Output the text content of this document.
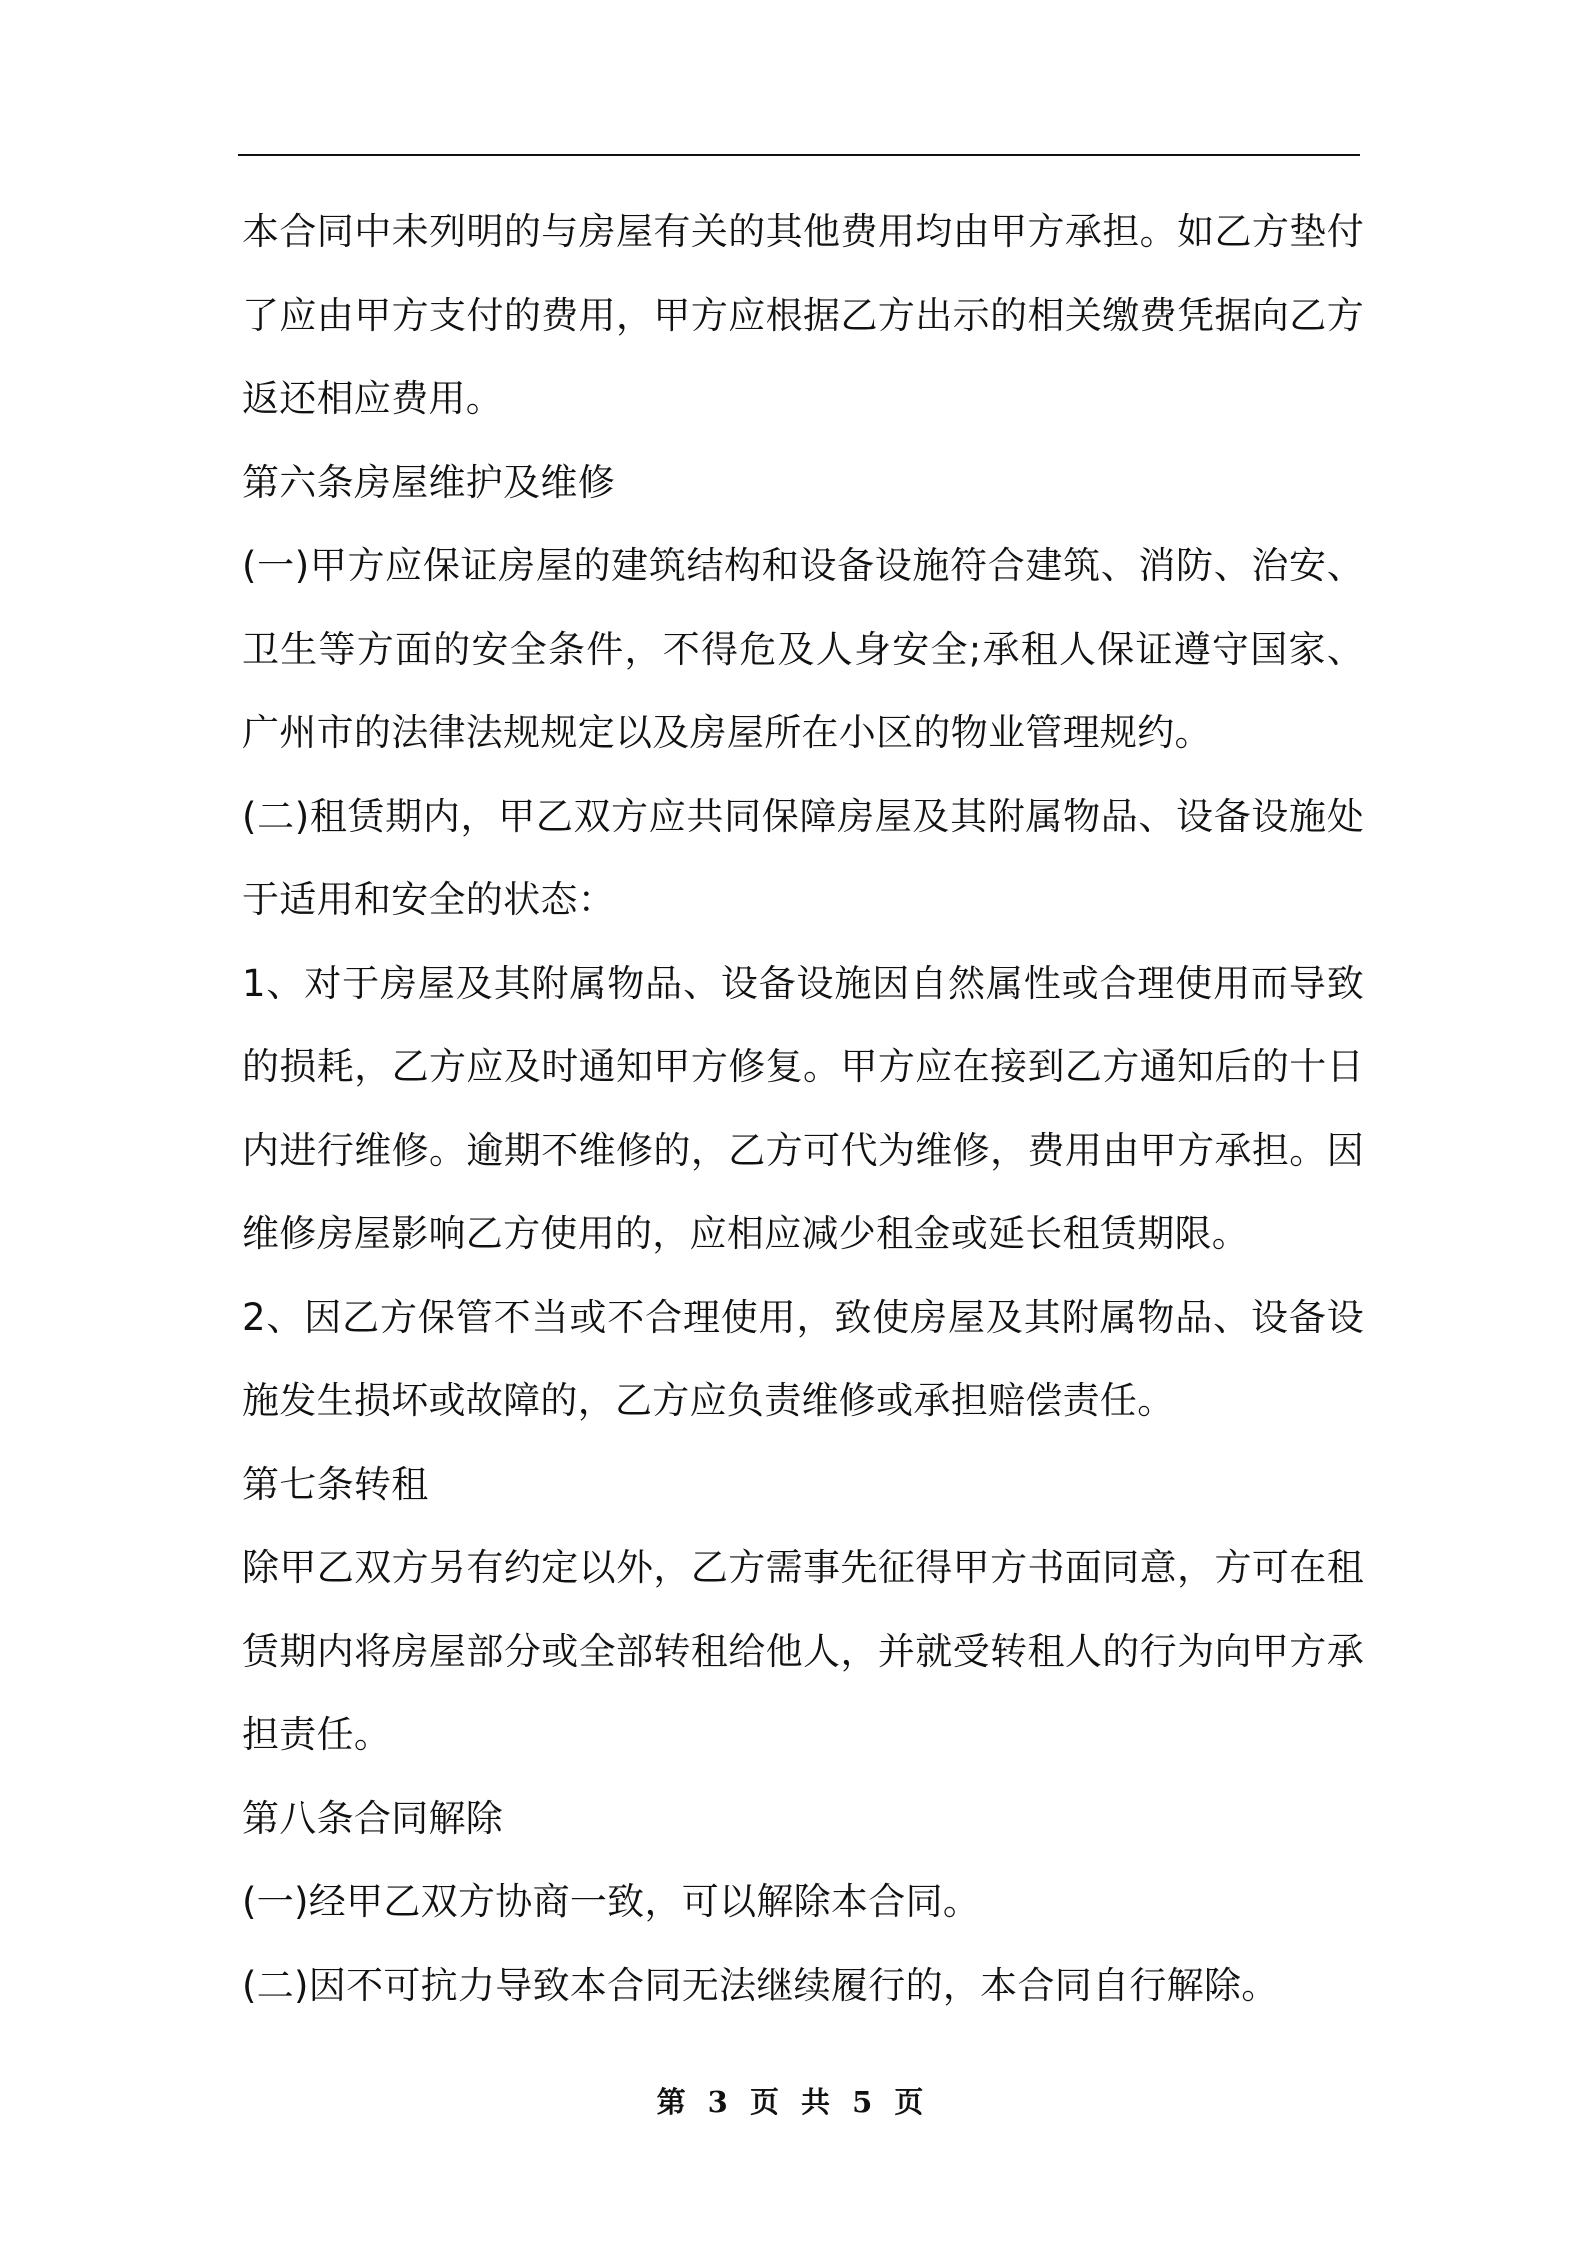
本合同中未列明的与房屋有关的其他费用均由甲方承担。如乙方垫付了应由甲方支付的费用，甲方应根据乙方出示的相关缴费凭据向乙方返还相应费用。

第六条房屋维护及维修

(一)甲方应保证房屋的建筑结构和设备设施符合建筑、消防、治安、卫生等方面的安全条件，不得危及人身安全;承租人保证遵守国家、广州市的法律法规规定以及房屋所在小区的物业管理规约。

(二)租赁期内，甲乙双方应共同保障房屋及其附属物品、设备设施处于适用和安全的状态：

1、对于房屋及其附属物品、设备设施因自然属性或合理使用而导致的损耗，乙方应及时通知甲方修复。甲方应在接到乙方通知后的十日内进行维修。逾期不维修的，乙方可代为维修，费用由甲方承担。因维修房屋影响乙方使用的，应相应减少租金或延长租赁期限。

2、因乙方保管不当或不合理使用，致使房屋及其附属物品、设备设施发生损坏或故障的，乙方应负责维修或承担赔偿责任。

第七条转租

除甲乙双方另有约定以外，乙方需事先征得甲方书面同意，方可在租赁期内将房屋部分或全部转租给他人，并就受转租人的行为向甲方承担责任。

第八条合同解除

(一)经甲乙双方协商一致，可以解除本合同。

(二)因不可抗力导致本合同无法继续履行的，本合同自行解除。

第 3 页 共 5 页
